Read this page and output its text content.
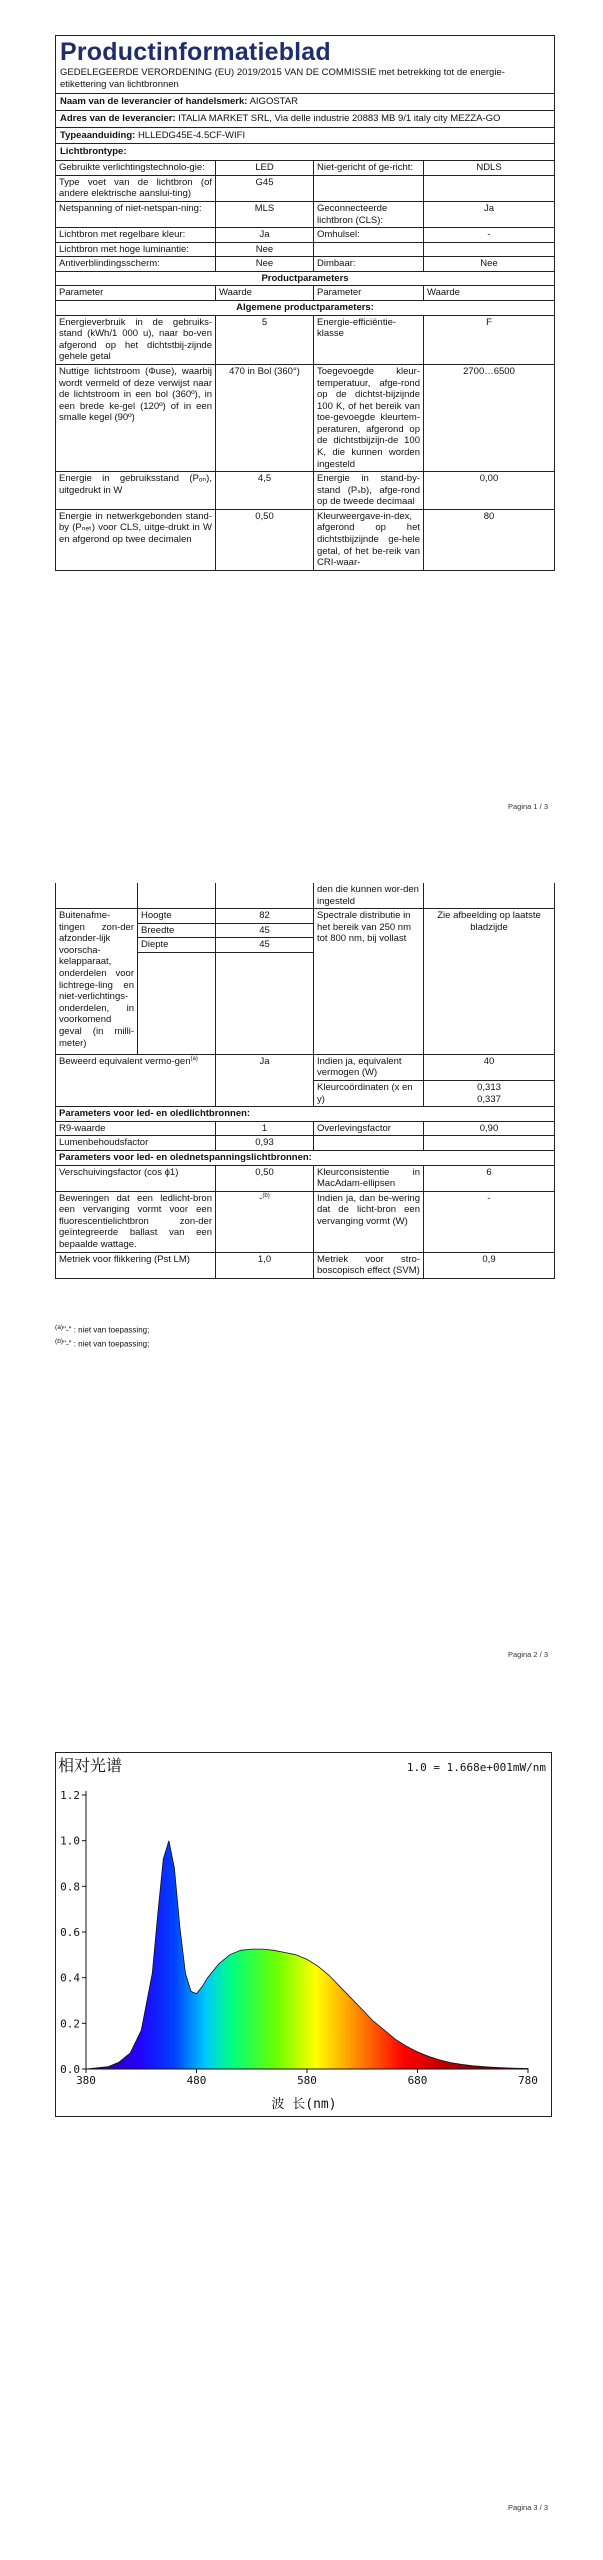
Productinformatieblad
GEDELEGEERDE VERORDENING (EU) 2019/2015 VAN DE COMMISSIE met betrekking tot de energie-etikettering van lichtbronnen
Naam van de leverancier of handelsmerk: AIGOSTAR
Adres van de leverancier: ITALIA MARKET SRL, Via delle industrie 20883 MB 9/1 italy city MEZZA-GO
Typeaanduiding: HLLEDG45E-4.5CF-WIFI
Lichtbrontype:
Gebruikte verlichtingstechnolo-gie:	LED	Niet-gericht of ge-richt:	NDLS
Type voet van de lichtbron (of andere elektrische aanslui-ting)	G45		
Netspanning of niet-netspan-ning:	MLS	Geconnecteerde lichtbron (CLS):	Ja
Lichtbron met regelbare kleur:	Ja	Omhulsel:	-
Lichtbron met hoge luminantie:	Nee		
Antiverblindingsscherm:	Nee	Dimbaar:	Nee
Productparameters			
Parameter	Waarde	Parameter	Waarde
Algemene productparameters:			
Energieverbruik in de gebruiks-stand (kWh/1 000 u), naar bo-ven afgerond op het dichtstbij-zijnde gehele getal	5	Energie-efficiëntie-klasse	F
Nuttige lichtstroom (Φuse), waarbij wordt vermeld of deze verwijst naar de lichtstroom in een bol (360º), in een brede ke-gel (120º) of in een smalle kegel (90º)	470 in Bol (360°)	Toegevoegde kleur-temperatuur, afge-rond op de dichtst-bijzijnde 100 K, of het bereik van toe-gevoegde kleurtem-peraturen, afgerond op de dichtstbijzijn-de 100 K, die kunnen worden ingesteld	2700…6500
Energie in gebruiksstand (Pₒₙ), uitgedrukt in W	4,5	Energie in stand-by-stand (Pₛb), afge-rond op de tweede decimaal	0,00
Energie in netwerkgebonden stand-by (Pₙₑₜ) voor CLS, uitge-drukt in W en afgerond op twee decimalen	0,50	Kleurweergave-in-dex, afgerond op het dichtstbijzijnde ge-hele getal, of het be-reik van CRI-waar-	80
Pagina 1 / 3
			den die kunnen wor-den ingesteld	
Buitenafme-tingen zon-der afzonder-lijk voorscha-kelapparaat, onderdelen voor lichtrege-ling en niet-verlichtings-onderdelen, in voorkomend geval (in milli-meter)	Hoogte	82	Spectrale distributie in het bereik van 250 nm tot 800 nm, bij vollast	Zie afbeelding op laatste bladzijde
	Breedte	45		
	Diepte	45		

Beweerd equivalent vermo-gen$^{(a)}$		Ja	Indien ja, equivalent vermogen (W)	40
			Kleurcoördinaten (x en y)	0,313
0,337

Parameters voor led- en oledlichtbronnen:				
R9-waarde		1	Overlevingsfactor	0,90
Lumenbehoudsfactor		0,93		
Parameters voor led- en olednetspanningslichtbronnen:				
Verschuivingsfactor (cos ϕ1)		0,50	Kleurconsistentie in MacAdam-ellipsen	6
Beweringen dat een ledlicht-bron een vervanging vormt voor een fluorescentielichtbron zon-der geïntegreerde ballast van een bepaalde wattage.		-$^{(b)}$	Indien ja, dan be-wering dat de licht-bron een vervanging vormt (W)	-
Metriek voor flikkering (Pst LM)		1,0	Metriek voor stro-boscopisch effect (SVM)	0,9
$^{(a)}$"-" : niet van toepassing;
$^{(b)}$"-" : niet van toepassing;
Pagina 2 / 3
Pagina 3 / 3
相对光谱	1.0 = 1.668e+001mW/nm
波 长(nm)
380	480	580	680	780
0.0
0.2
0.4
0.6
0.8
1.0
1.2
